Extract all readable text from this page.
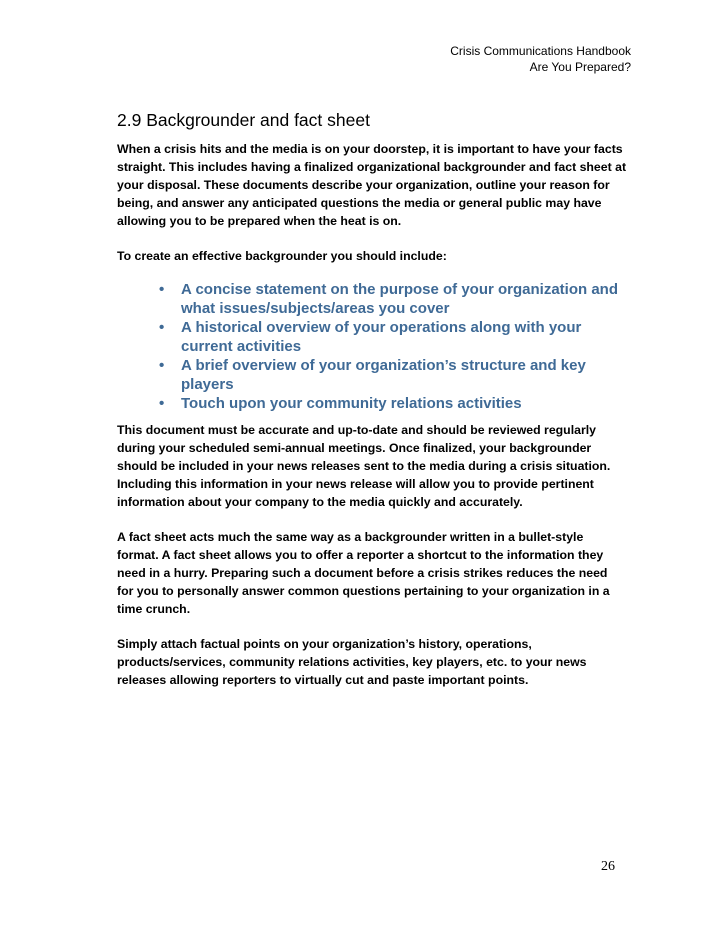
Crisis Communications Handbook
Are You Prepared?
2.9 Backgrounder and fact sheet

When a crisis hits and the media is on your doorstep, it is important to have your facts straight. This includes having a finalized organizational backgrounder and fact sheet at your disposal. These documents describe your organization, outline your reason for being, and answer any anticipated questions the media or general public may have allowing you to be prepared when the heat is on.

To create an effective backgrounder you should include:

• A concise statement on the purpose of your organization and what issues/subjects/areas you cover
• A historical overview of your operations along with your current activities
• A brief overview of your organization’s structure and key players
• Touch upon your community relations activities

This document must be accurate and up-to-date and should be reviewed regularly during your scheduled semi-annual meetings. Once finalized, your backgrounder should be included in your news releases sent to the media during a crisis situation. Including this information in your news release will allow you to provide pertinent information about your company to the media quickly and accurately.

A fact sheet acts much the same way as a backgrounder written in a bullet-style format. A fact sheet allows you to offer a reporter a shortcut to the information they need in a hurry. Preparing such a document before a crisis strikes reduces the need for you to personally answer common questions pertaining to your organization in a time crunch.

Simply attach factual points on your organization’s history, operations, products/services, community relations activities, key players, etc. to your news releases allowing reporters to virtually cut and paste important points.

26
